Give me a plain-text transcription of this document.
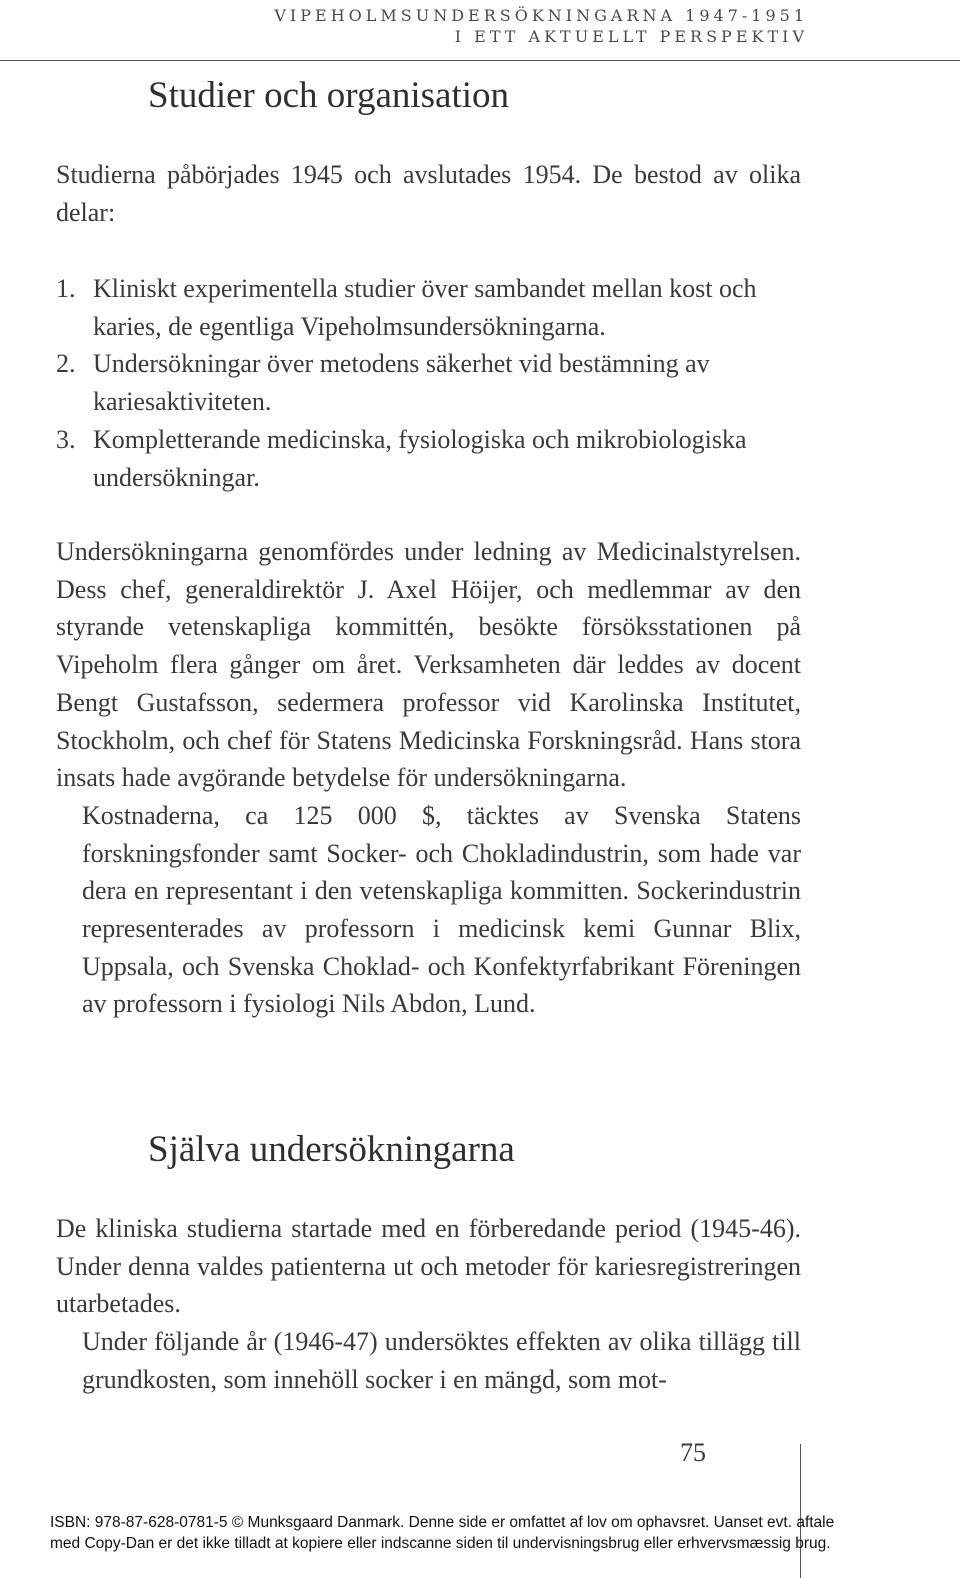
VIPEHOLMSUNDERSÖKNINGARNA 1947-1951
I ETT AKTUELLT PERSPEKTIV
Studier och organisation

Studierna påbörjades 1945 och avslutades 1954. De bestod av olika delar:

1. Kliniskt experimentella studier över sambandet mellan kost och karies, de egentliga Vipeholmsundersökningarna.
2. Undersökningar över metodens säkerhet vid bestämning av kariesaktiviteten.
3. Kompletterande medicinska, fysiologiska och mikrobiologiska undersökningar.

Undersökningarna genomfördes under ledning av Medicinalstyrelsen. Dess chef, generaldirektör J. Axel Höijer, och medlemmar av den styrande vetenskapliga kommittén, besökte försöksstationen på Vipeholm flera gånger om året. Verksamheten där leddes av docent Bengt Gustafsson, sedermera professor vid Karolinska Institutet, Stockholm, och chef för Statens Medicinska Forskningsråd. Hans stora insats hade avgörande betydelse för undersökningarna.

Kostnaderna, ca 125 000 $, täcktes av Svenska Statens forskningsfonder samt Socker- och Chokladindustrin, som hade var dera en representant i den vetenskapliga kommitten. Sockerindustrin representerades av professorn i medicinsk kemi Gunnar Blix, Uppsala, och Svenska Choklad- och Konfektyrfabrikant Föreningen av professorn i fysiologi Nils Abdon, Lund.

Själva undersökningarna

De kliniska studierna startade med en förberedande period (1945-46). Under denna valdes patienterna ut och metoder för kariesregistreringen utarbetades.

Under följande år (1946-47) undersöktes effekten av olika tillägg till grundkosten, som innehöll socker i en mängd, som mot-

75
ISBN: 978-87-628-0781-5 © Munksgaard Danmark. Denne side er omfattet af lov om ophavsret. Uanset evt. aftale
med Copy-Dan er det ikke tilladt at kopiere eller indscanne siden til undervisningsbrug eller erhvervsmæssig brug.
